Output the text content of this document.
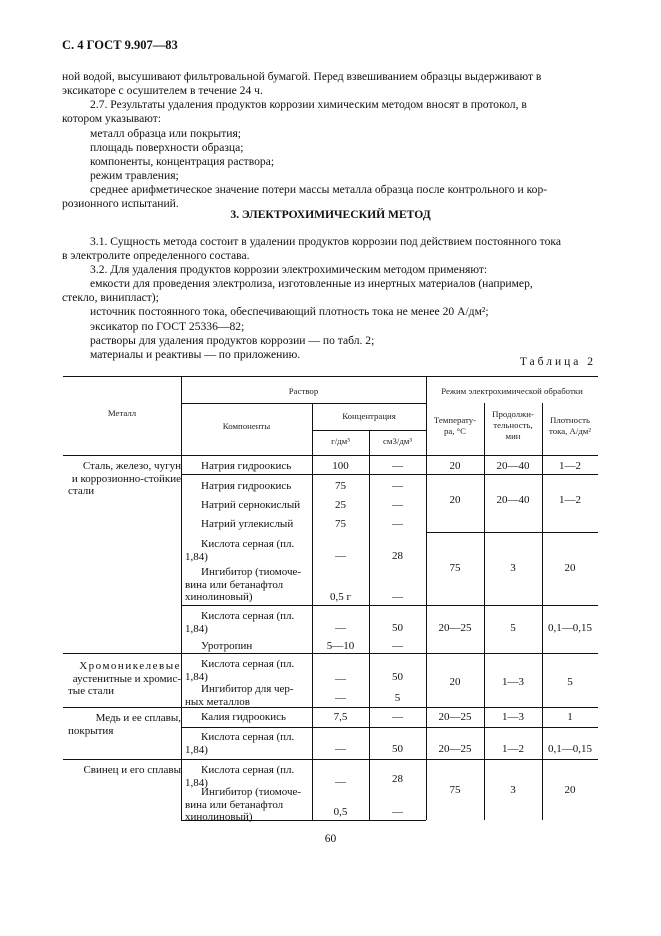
С. 4 ГОСТ 9.907—83
ной водой, высушивают фильтровальной бумагой. Перед взвешиванием образцы выдерживают в
эксикаторе с осушителем в течение 24 ч.
2.7. Результаты удаления продуктов коррозии химическим методом вносят в протокол, в
котором указывают:
металл образца или покрытия;
площадь поверхности образца;
компоненты, концентрация раствора;
режим травления;
среднее арифметическое значение потери массы металла образца после контрольного и кор-
розионного испытаний.
3. ЭЛЕКТРОХИМИЧЕСКИЙ МЕТОД
3.1. Сущность метода состоит в удалении продуктов коррозии под действием постоянного тока
в электролите определенного состава.
3.2. Для удаления продуктов коррозии электрохимическим методом применяют:
емкости для проведения электролиза, изготовленные из инертных материалов (например,
стекло, винипласт);
источник постоянного тока, обеспечивающий плотность тока не менее 20 А/дм²;
эксикатор по ГОСТ 25336—82;
растворы для удаления продуктов коррозии — по табл. 2;
материалы и реактивы — по приложению.
Таблица 2
Металл
Раствор	Режим электрохимической обработки
Компоненты
Концентрация
г/дм³	см3/дм³
Температу-
ра, °С
Продолжи-
тельность,
мин
Плотность
тока, А/дм²
Сталь, железо, чугун
и коррозионно-стойкие
стали
Хромоникелевые
аустенитные и хромис-
тые стали
Медь и ее сплавы,
покрытия
Свинец и его сплавы
Натрия гидроокись
Натрия гидроокись
Натрий сернокислый
Натрий углекислый
Кислота серная (пл.
1,84)
Ингибитор (тиомоче-
вина или бетанафтол
хинолиновый)
Кислота серная (пл.
1,84)
Уротропин
Кислота серная (пл.
1,84)
Ингибитор для чер-
ных металлов
Калия гидроокись
Кислота серная (пл.
1,84)
Кислота серная (пл.
1,84)
Ингибитор (тиомоче-
вина или бетанафтол
хинолиновый)
100
75
25
75
—
0,5 г
—
5—10
—
—
7,5
—
—
0,5
—
—
—
—
28
—
50
—
50
5
—
50
28
—
20
20
75
20—25
20
20—25
20—25
75
20—40
20—40
3
5
1—3
1—3
1—2
3
1—2
1—2
20
0,1—0,15
5
1
0,1—0,15
20
60
